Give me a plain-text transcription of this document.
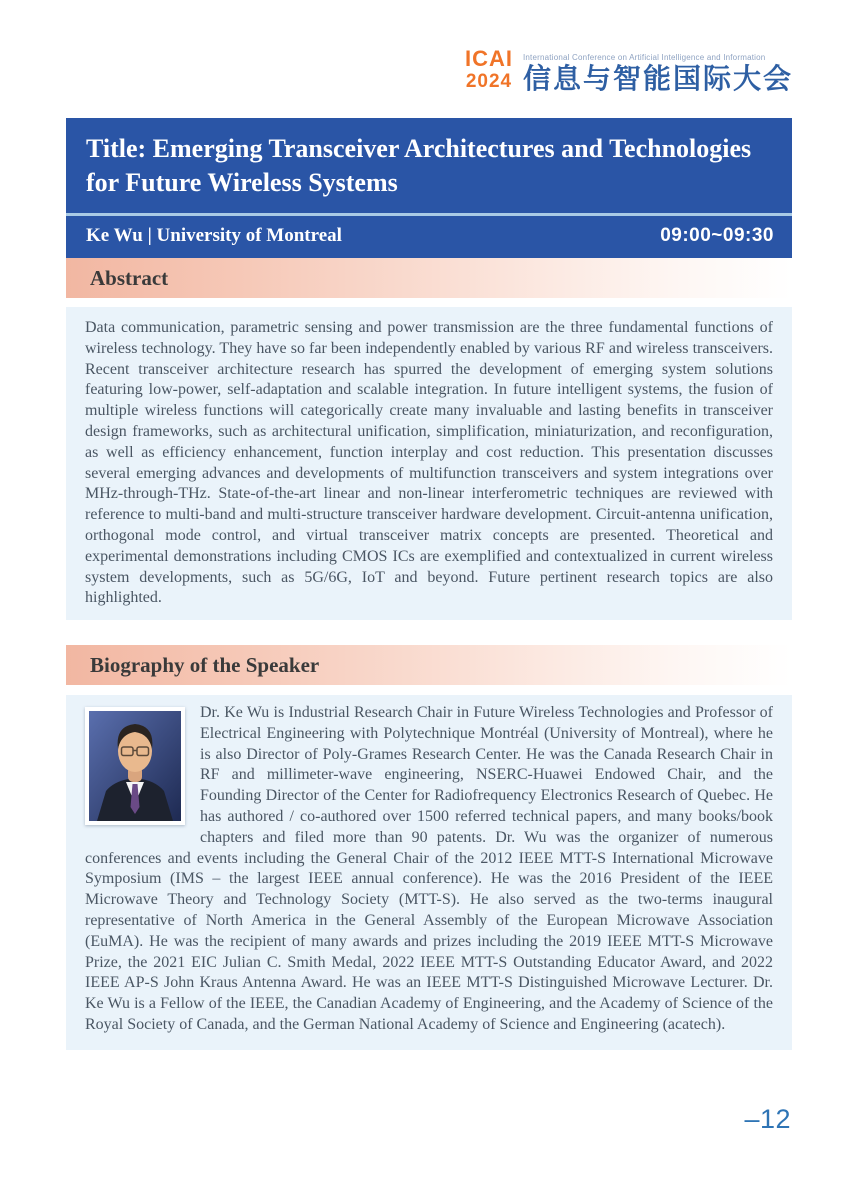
ICAI
2024
International Conference on Artificial Intelligence and Information
信息与智能国际大会
Title: Emerging Transceiver Architectures and Technologies for Future Wireless Systems
Ke Wu | University of Montreal	09:00~09:30
Abstract
Data communication, parametric sensing and power transmission are the three fundamental functions of wireless technology. They have so far been independently enabled by various RF and wireless transceivers. Recent transceiver architecture research has spurred the development of emerging system solutions featuring low-power, self-adaptation and scalable integration. In future intelligent systems, the fusion of multiple wireless functions will categorically create many invaluable and lasting benefits in transceiver design frameworks, such as architectural unification, simplification, miniaturization, and reconfiguration, as well as efficiency enhancement, function interplay and cost reduction. This presentation discusses several emerging advances and developments of multifunction transceivers and system integrations over MHz-through-THz. State-of-the-art linear and non-linear interferometric techniques are reviewed with reference to multi-band and multi-structure transceiver hardware development. Circuit-antenna unification, orthogonal mode control, and virtual transceiver matrix concepts are presented. Theoretical and experimental demonstrations including CMOS ICs are exemplified and contextualized in current wireless system developments, such as 5G/6G, IoT and beyond. Future pertinent research topics are also highlighted.
Biography of the Speaker
Dr. Ke Wu is Industrial Research Chair in Future Wireless Technologies and Professor of Electrical Engineering with Polytechnique Montréal (University of Montreal), where he is also Director of Poly-Grames Research Center. He was the Canada Research Chair in RF and millimeter-wave engineering, NSERC-Huawei Endowed Chair, and the Founding Director of the Center for Radiofrequency Electronics Research of Quebec. He has authored / co-authored over 1500 referred technical papers, and many books/book chapters and filed more than 90 patents. Dr. Wu was the organizer of numerous conferences and events including the General Chair of the 2012 IEEE MTT-S International Microwave Symposium (IMS – the largest IEEE annual conference). He was the 2016 President of the IEEE Microwave Theory and Technology Society (MTT-S). He also served as the two-terms inaugural representative of North America in the General Assembly of the European Microwave Association (EuMA). He was the recipient of many awards and prizes including the 2019 IEEE MTT-S Microwave Prize, the 2021 EIC Julian C. Smith Medal, 2022 IEEE MTT-S Outstanding Educator Award, and 2022 IEEE AP-S John Kraus Antenna Award. He was an IEEE MTT-S Distinguished Microwave Lecturer. Dr. Ke Wu is a Fellow of the IEEE, the Canadian Academy of Engineering, and the Academy of Science of the Royal Society of Canada, and the German National Academy of Science and Engineering (acatech).
–12
